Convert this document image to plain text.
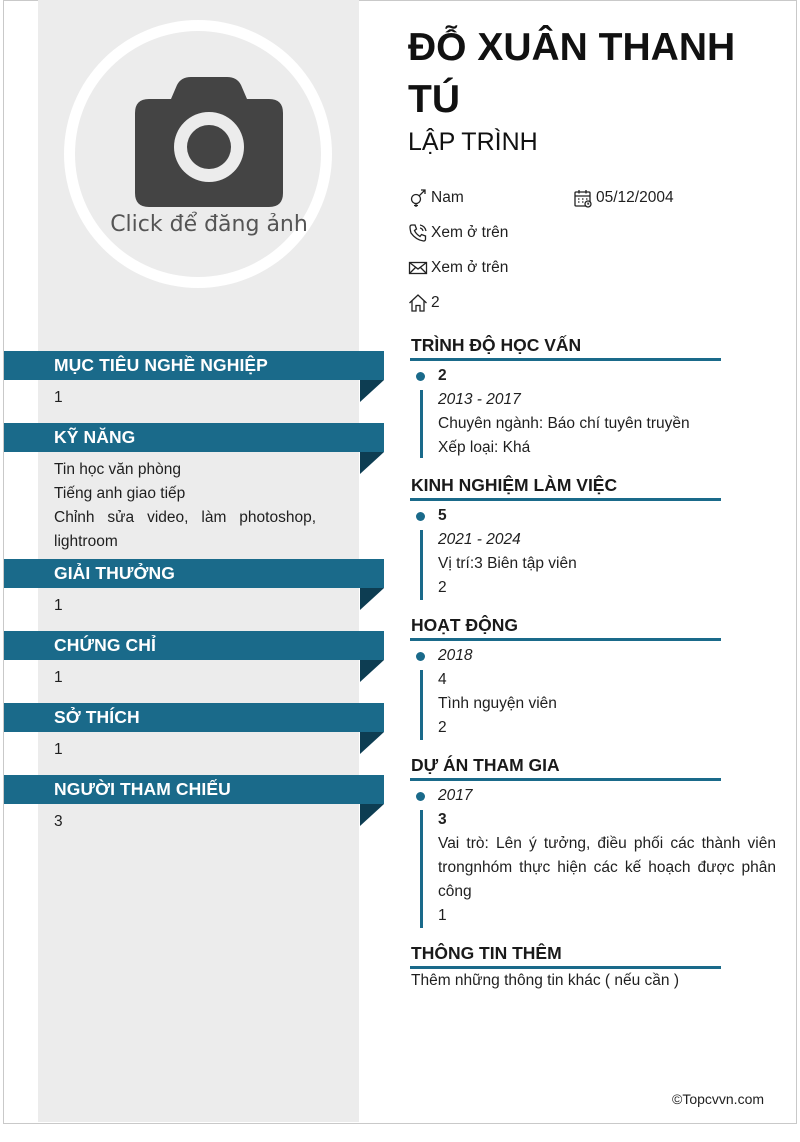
Click để đăng ảnh
MỤC TIÊU NGHỀ NGHIỆP
1
KỸ NĂNG
Tin học văn phòng
Tiếng anh giao tiếp
Chỉnh sửa video, làm photoshop, lightroom
GIẢI THƯỞNG
1
CHỨNG CHỈ
1
SỞ THÍCH
1
NGƯỜI THAM CHIẾU
3
ĐỖ XUÂN THANH TÚ
LẬP TRÌNH
Nam	05/12/2004
Xem ở trên
Xem ở trên
2
TRÌNH ĐỘ HỌC VẤN
2
2013 - 2017
Chuyên ngành: Báo chí tuyên truyền
Xếp loại: Khá
KINH NGHIỆM LÀM VIỆC
5
2021 - 2024
Vị trí:3 Biên tập viên
2
HOẠT ĐỘNG
2018
4
Tình nguyện viên
2
DỰ ÁN THAM GIA
2017
3
Vai trò: Lên ý tưởng, điều phối các thành viên trongnhóm thực hiện các kế hoạch được phân công
1
THÔNG TIN THÊM
Thêm những thông tin khác ( nếu cần )
©Topcvvn.com
